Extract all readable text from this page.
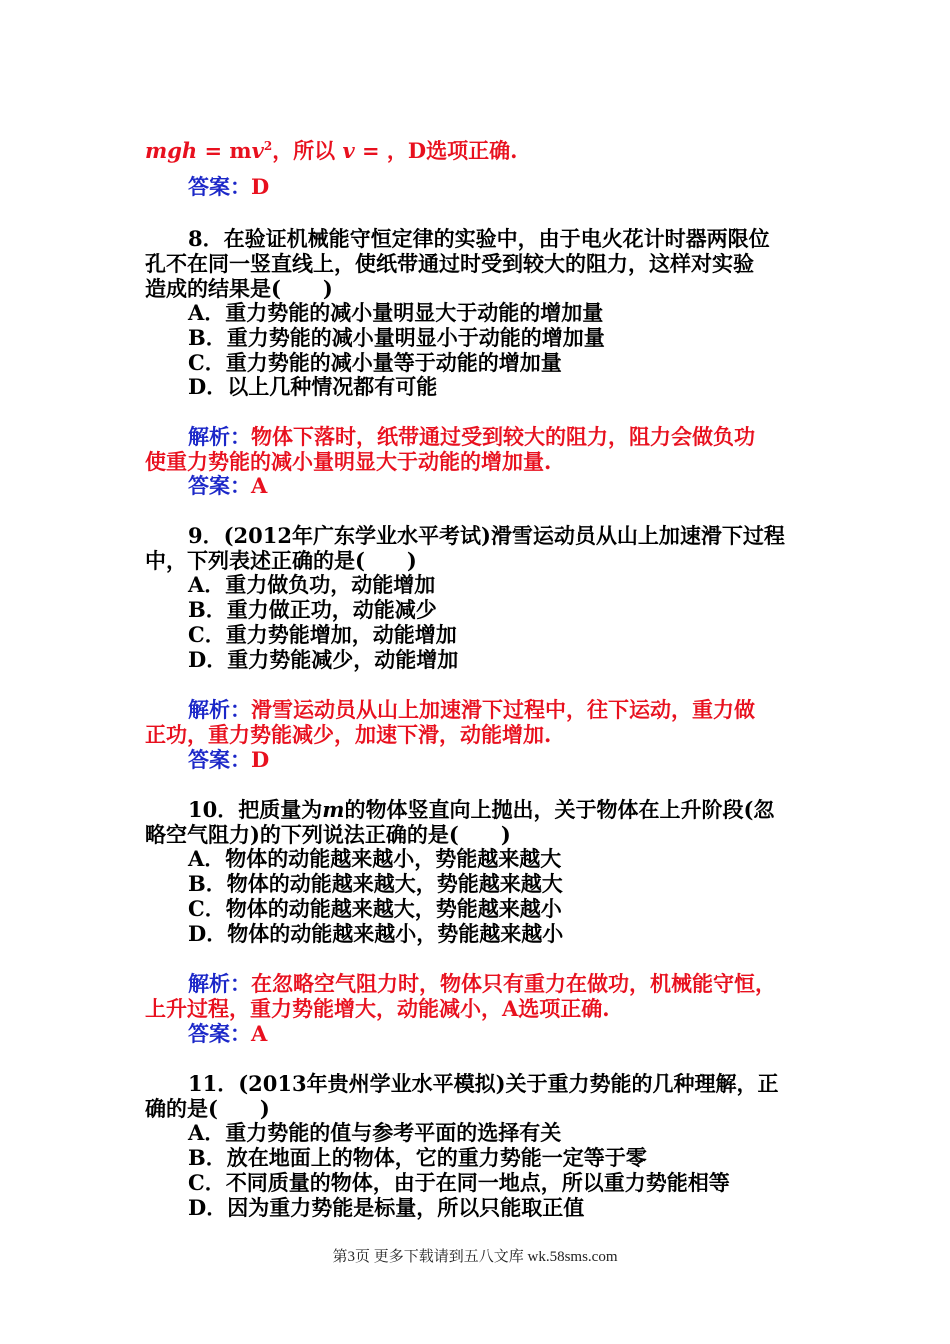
mgh = $mv^2$，所以 v = ，D选项正确.
答案：D
8．在验证机械能守恒定律的实验中，由于电火花计时器两限位
孔不在同一竖直线上，使纸带通过时受到较大的阻力，这样对实验
造成的结果是(　　)
A．重力势能的减小量明显大于动能的增加量
B．重力势能的减小量明显小于动能的增加量
C．重力势能的减小量等于动能的增加量
D．以上几种情况都有可能
解析：物体下落时，纸带通过受到较大的阻力，阻力会做负功
使重力势能的减小量明显大于动能的增加量.
答案：A
9．(2012年广东学业水平考试)滑雪运动员从山上加速滑下过程
中，下列表述正确的是(　　)
A．重力做负功，动能增加
B．重力做正功，动能减少
C．重力势能增加，动能增加
D．重力势能减少，动能增加
解析：滑雪运动员从山上加速滑下过程中，往下运动，重力做
正功，重力势能减少，加速下滑，动能增加.
答案：D
10．把质量为m的物体竖直向上抛出，关于物体在上升阶段(忽
略空气阻力)的下列说法正确的是(　　)
A．物体的动能越来越小，势能越来越大
B．物体的动能越来越大，势能越来越大
C．物体的动能越来越大，势能越来越小
D．物体的动能越来越小，势能越来越小
解析：在忽略空气阻力时，物体只有重力在做功，机械能守恒，
上升过程，重力势能增大，动能减小，A选项正确.
答案：A
11．(2013年贵州学业水平模拟)关于重力势能的几种理解，正
确的是(　　)
A．重力势能的值与参考平面的选择有关
B．放在地面上的物体，它的重力势能一定等于零
C．不同质量的物体，由于在同一地点，所以重力势能相等
D．因为重力势能是标量，所以只能取正值
第3页 更多下载请到五八文库 wk.58sms.com
